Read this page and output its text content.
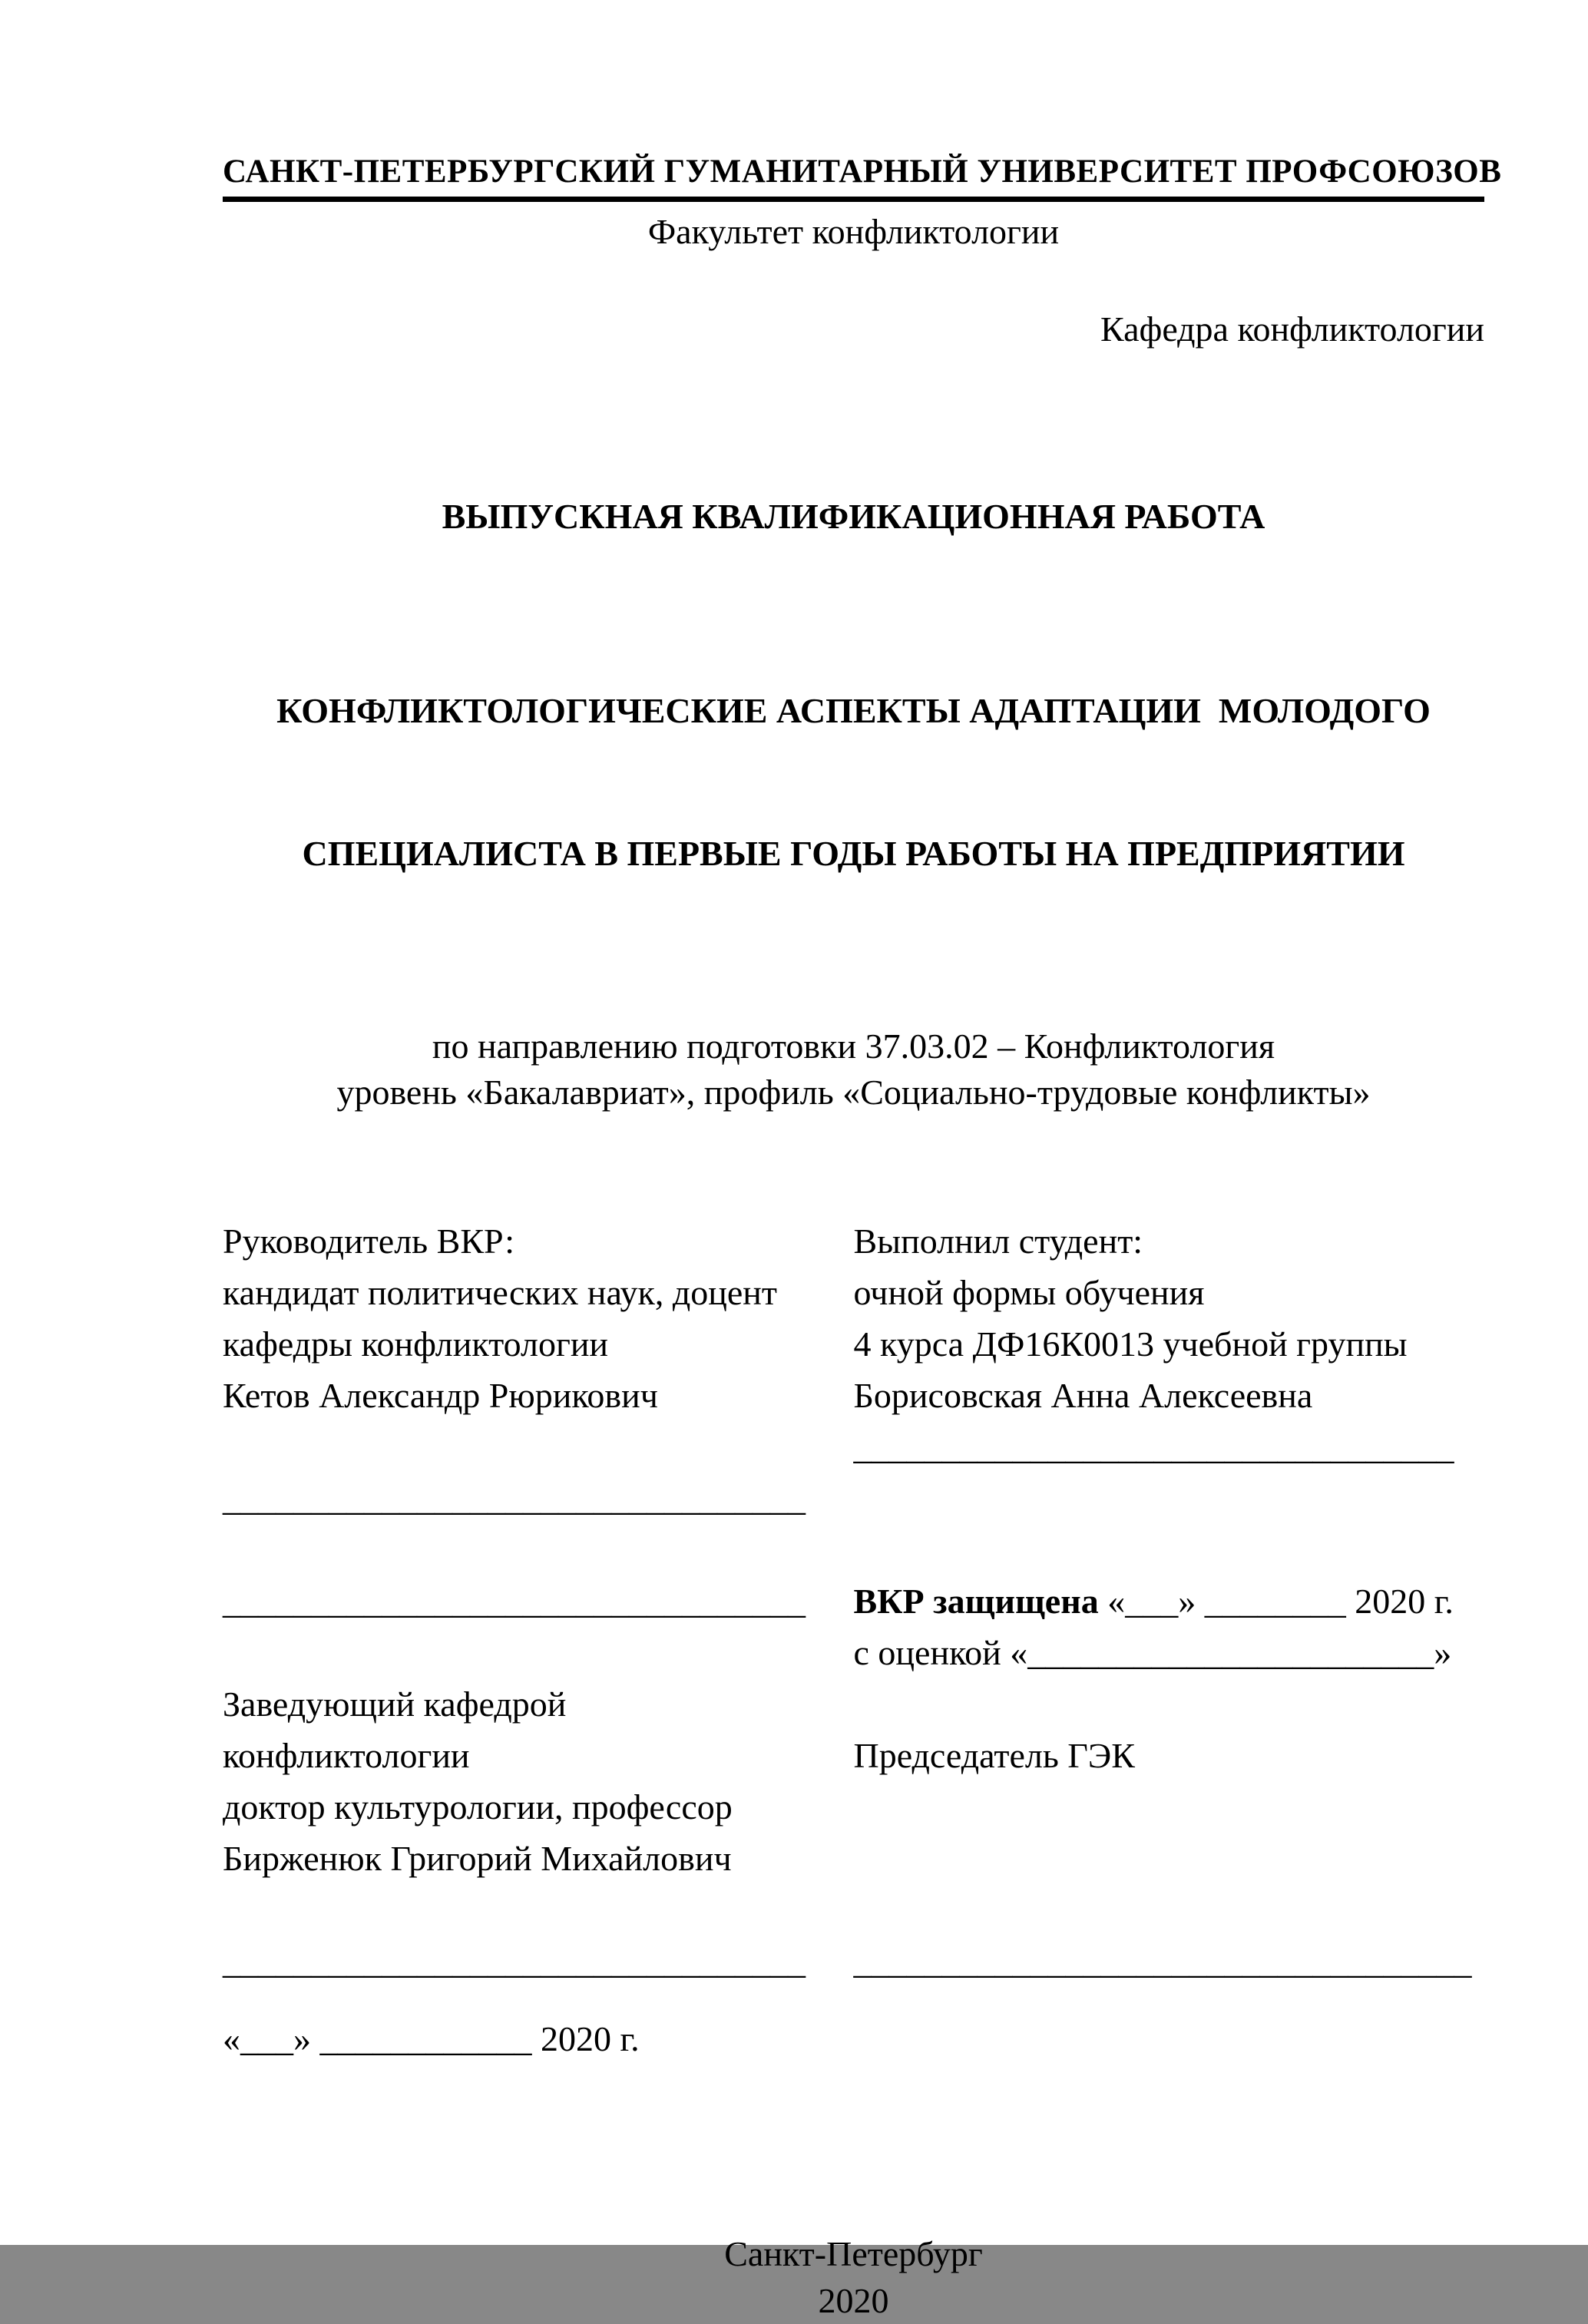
САНКТ-ПЕТЕРБУРГСКИЙ ГУМАНИТАРНЫЙ УНИВЕРСИТЕТ ПРОФСОЮЗОВ
Факультет конфликтологии
Кафедра конфликтологии
ВЫПУСКНАЯ КВАЛИФИКАЦИОННАЯ РАБОТА

КОНФЛИКТОЛОГИЧЕСКИЕ АСПЕКТЫ АДАПТАЦИИ  МОЛОДОГО

СПЕЦИАЛИСТА В ПЕРВЫЕ ГОДЫ РАБОТЫ НА ПРЕДПРИЯТИИ

по направлению подготовки 37.03.02 – Конфликтология
уровень «Бакалавриат», профиль «Социально-трудовые конфликты»
Руководитель ВКР:
кандидат политических наук, доцент
кафедры конфликтологии
Кетов Александр Рюрикович
_________________________________
_________________________________
Заведующий кафедрой
конфликтологии
доктор культурологии, профессор
Бирженюк Григорий Михайлович
_________________________________
«___» ____________ 2020 г.
Выполнил студент:
очной формы обучения
4 курса ДФ16К0013 учебной группы
Борисовская Анна Алексеевна
__________________________________
ВКР защищена «___» ________ 2020 г.
с оценкой «_______________________»
Председатель ГЭК
___________________________________
Санкт-Петербург
2020
